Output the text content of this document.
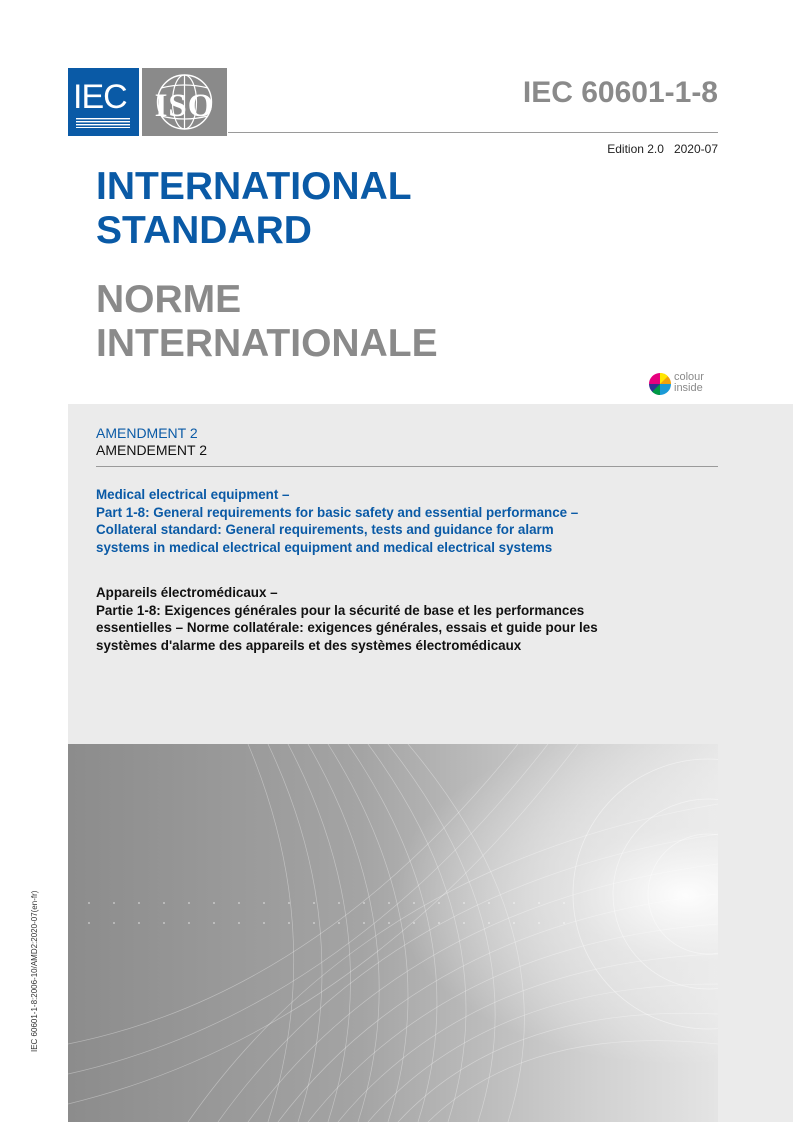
IEC ISO	IEC 60601-1-8
Edition 2.0 2020-07
INTERNATIONAL
STANDARD
NORME
INTERNATIONALE
colour
inside
AMENDMENT 2
AMENDEMENT 2
Medical electrical equipment –
Part 1-8: General requirements for basic safety and essential performance –
Collateral standard: General requirements, tests and guidance for alarm
systems in medical electrical equipment and medical electrical systems
Appareils électromédicaux –
Partie 1-8: Exigences générales pour la sécurité de base et les performances
essentielles – Norme collatérale: exigences générales, essais et guide pour les
systèmes d'alarme des appareils et des systèmes électromédicaux
IEC 60601-1-8:2006-10/AMD2:2020-07(en-fr)
